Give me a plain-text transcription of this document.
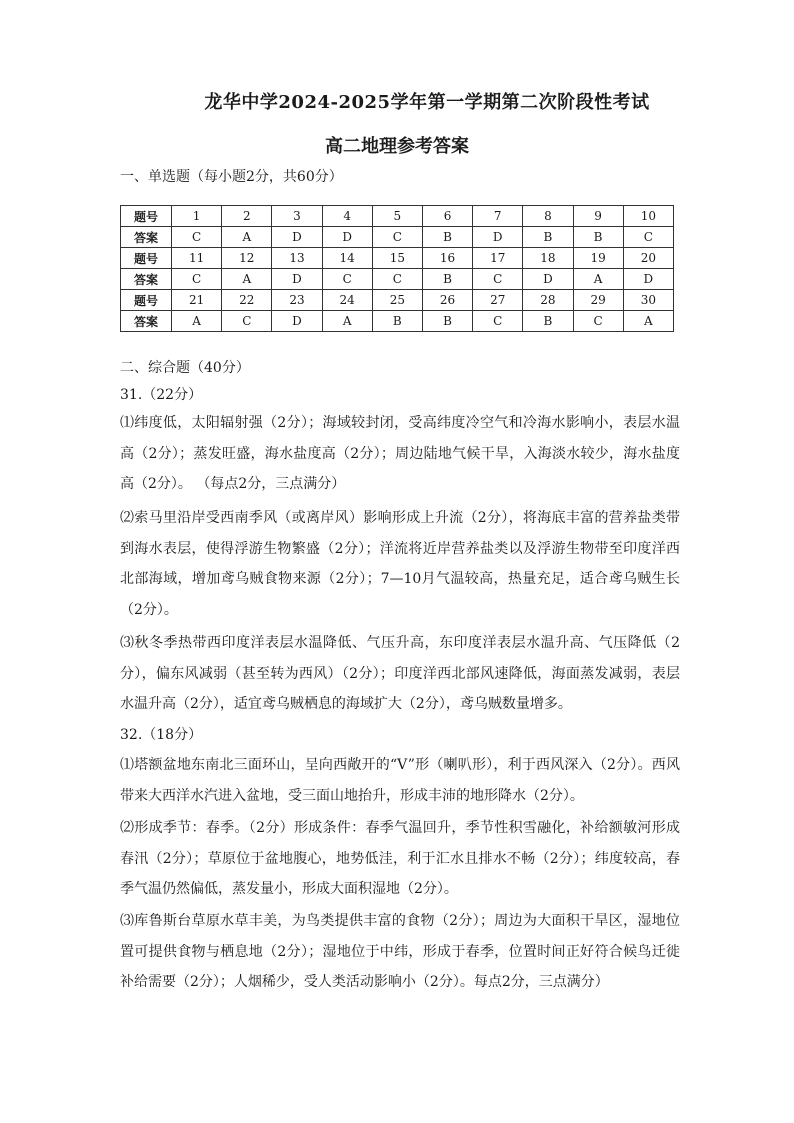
龙华中学2024-2025学年第一学期第二次阶段性考试
高二地理参考答案
一、单选题（每小题2分，共60分）
题号	1	2	3	4	5	6	7	8	9	10
答案	C	A	D	D	C	B	D	B	B	C
题号	11	12	13	14	15	16	17	18	19	20
答案	C	A	D	C	C	B	C	D	A	D
题号	21	22	23	24	25	26	27	28	29	30
答案	A	C	D	A	B	B	C	B	C	A
二、综合题（40分）
31.（22分）
⑴纬度低，太阳辐射强（2分）；海域较封闭，受高纬度冷空气和冷海水影响小，表层水温高（2分）；蒸发旺盛，海水盐度高（2分）；周边陆地气候干旱，入海淡水较少，海水盐度高（2分）。 （每点2分，三点满分）
⑵索马里沿岸受西南季风（或离岸风）影响形成上升流（2分），将海底丰富的营养盐类带到海水表层，使得浮游生物繁盛（2分）；洋流将近岸营养盐类以及浮游生物带至印度洋西北部海域，增加鸢乌贼食物来源（2分）；7—10月气温较高，热量充足，适合鸢乌贼生长（2分）。
⑶秋冬季热带西印度洋表层水温降低、气压升高，东印度洋表层水温升高、气压降低（2分），偏东风减弱（甚至转为西风）（2分）；印度洋西北部风速降低，海面蒸发减弱，表层水温升高（2分），适宜鸢乌贼栖息的海域扩大（2分），鸢乌贼数量增多。
32.（18分）
⑴塔额盆地东南北三面环山，呈向西敞开的“V”形（喇叭形），利于西风深入（2分）。西风带来大西洋水汽进入盆地，受三面山地抬升，形成丰沛的地形降水（2分）。
⑵形成季节：春季。（2分）形成条件：春季气温回升，季节性积雪融化，补给额敏河形成春汛（2分）；草原位于盆地腹心，地势低洼，利于汇水且排水不畅（2分）；纬度较高，春季气温仍然偏低，蒸发量小，形成大面积湿地（2分）。
⑶库鲁斯台草原水草丰美，为鸟类提供丰富的食物（2分）；周边为大面积干旱区，湿地位置可提供食物与栖息地（2分）；湿地位于中纬，形成于春季，位置时间正好符合候鸟迁徙补给需要（2分）；人烟稀少，受人类活动影响小（2分）。每点2分，三点满分）
